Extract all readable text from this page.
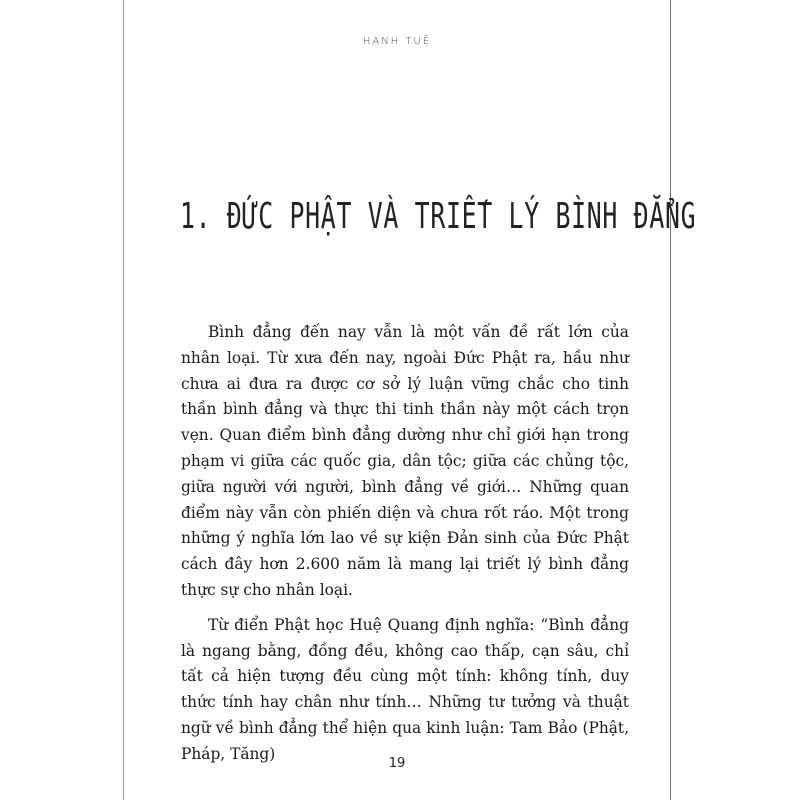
HẠNH TUỆ
1. ĐỨC PHẬT VÀ TRIẾT LÝ BÌNH ĐẲNG

Bình đẳng đến nay vẫn là một vấn đề rất lớn của nhân loại. Từ xưa đến nay, ngoài Đức Phật ra, hầu như chưa ai đưa ra được cơ sở lý luận vững chắc cho tinh thần bình đẳng và thực thi tinh thần này một cách trọn vẹn. Quan điểm bình đẳng dường như chỉ giới hạn trong phạm vi giữa các quốc gia, dân tộc; giữa các chủng tộc, giữa người với người, bình đẳng về giới… Những quan điểm này vẫn còn phiến diện và chưa rốt ráo. Một trong những ý nghĩa lớn lao về sự kiện Đản sinh của Đức Phật cách đây hơn 2.600 năm là mang lại triết lý bình đẳng thực sự cho nhân loại.

Từ điển Phật học Huệ Quang định nghĩa: “Bình đẳng là ngang bằng, đồng đều, không cao thấp, cạn sâu, chỉ tất cả hiện tượng đều cùng một tính: không tính, duy thức tính hay chân như tính… Những tư tưởng và thuật ngữ về bình đẳng thể hiện qua kinh luận: Tam Bảo (Phật, Pháp, Tăng)

19
